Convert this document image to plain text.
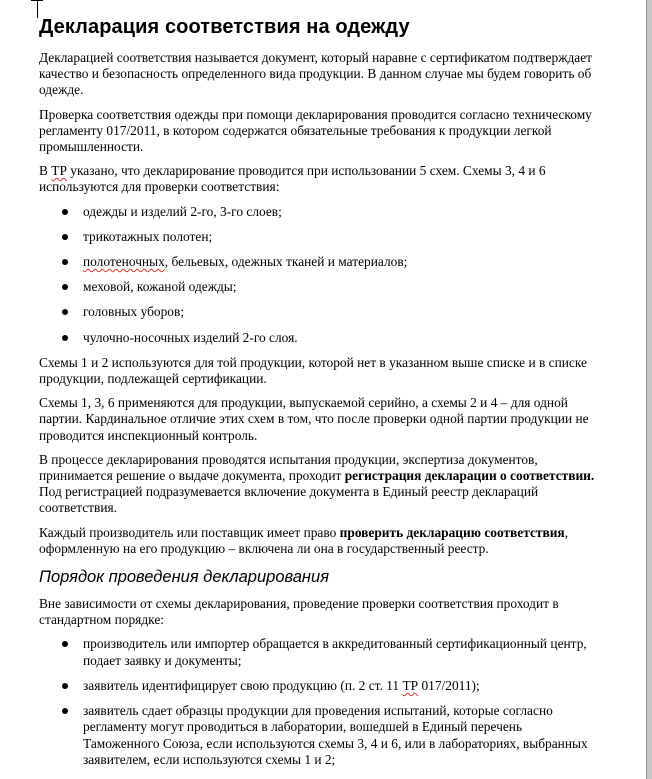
Декларация соответствия на одежду

Декларацией соответствия называется документ, который наравне с сертификатом подтверждает качество и безопасность определенного вида продукции. В данном случае мы будем говорить об одежде.

Проверка соответствия одежды при помощи декларирования проводится согласно техническому регламенту 017/2011, в котором содержатся обязательные требования к продукции легкой промышленности.

В ТР указано, что декларирование проводится при использовании 5 схем. Схемы 3, 4 и 6 используются для проверки соответствия:

одежды и изделий 2-го, 3-го слоев;
трикотажных полотен;
полотеночных, бельевых, одежных тканей и материалов;
меховой, кожаной одежды;
головных уборов;
чулочно-носочных изделий 2-го слоя.

Схемы 1 и 2 используются для той продукции, которой нет в указанном выше списке и в списке продукции, подлежащей сертификации.

Схемы 1, 3, 6 применяются для продукции, выпускаемой серийно, а схемы 2 и 4 – для одной партии. Кардинальное отличие этих схем в том, что после проверки одной партии продукции не проводится инспекционный контроль.

В процессе декларирования проводятся испытания продукции, экспертиза документов, принимается решение о выдаче документа, проходит регистрация декларации о соответствии. Под регистрацией подразумевается включение документа в Единый реестр деклараций соответствия.

Каждый производитель или поставщик имеет право проверить декларацию соответствия, оформленную на его продукцию – включена ли она в государственный реестр.

Порядок проведения декларирования

Вне зависимости от схемы декларирования, проведение проверки соответствия проходит в стандартном порядке:

производитель или импортер обращается в аккредитованный сертификационный центр, подает заявку и документы;
заявитель идентифицирует свою продукцию (п. 2 ст. 11 ТР 017/2011);
заявитель сдает образцы продукции для проведения испытаний, которые согласно регламенту могут проводиться в лаборатории, вошедшей в Единый перечень Таможенного Союза, если используются схемы 3, 4 и 6, или в лабораториях, выбранных заявителем, если используются схемы 1 и 2;
